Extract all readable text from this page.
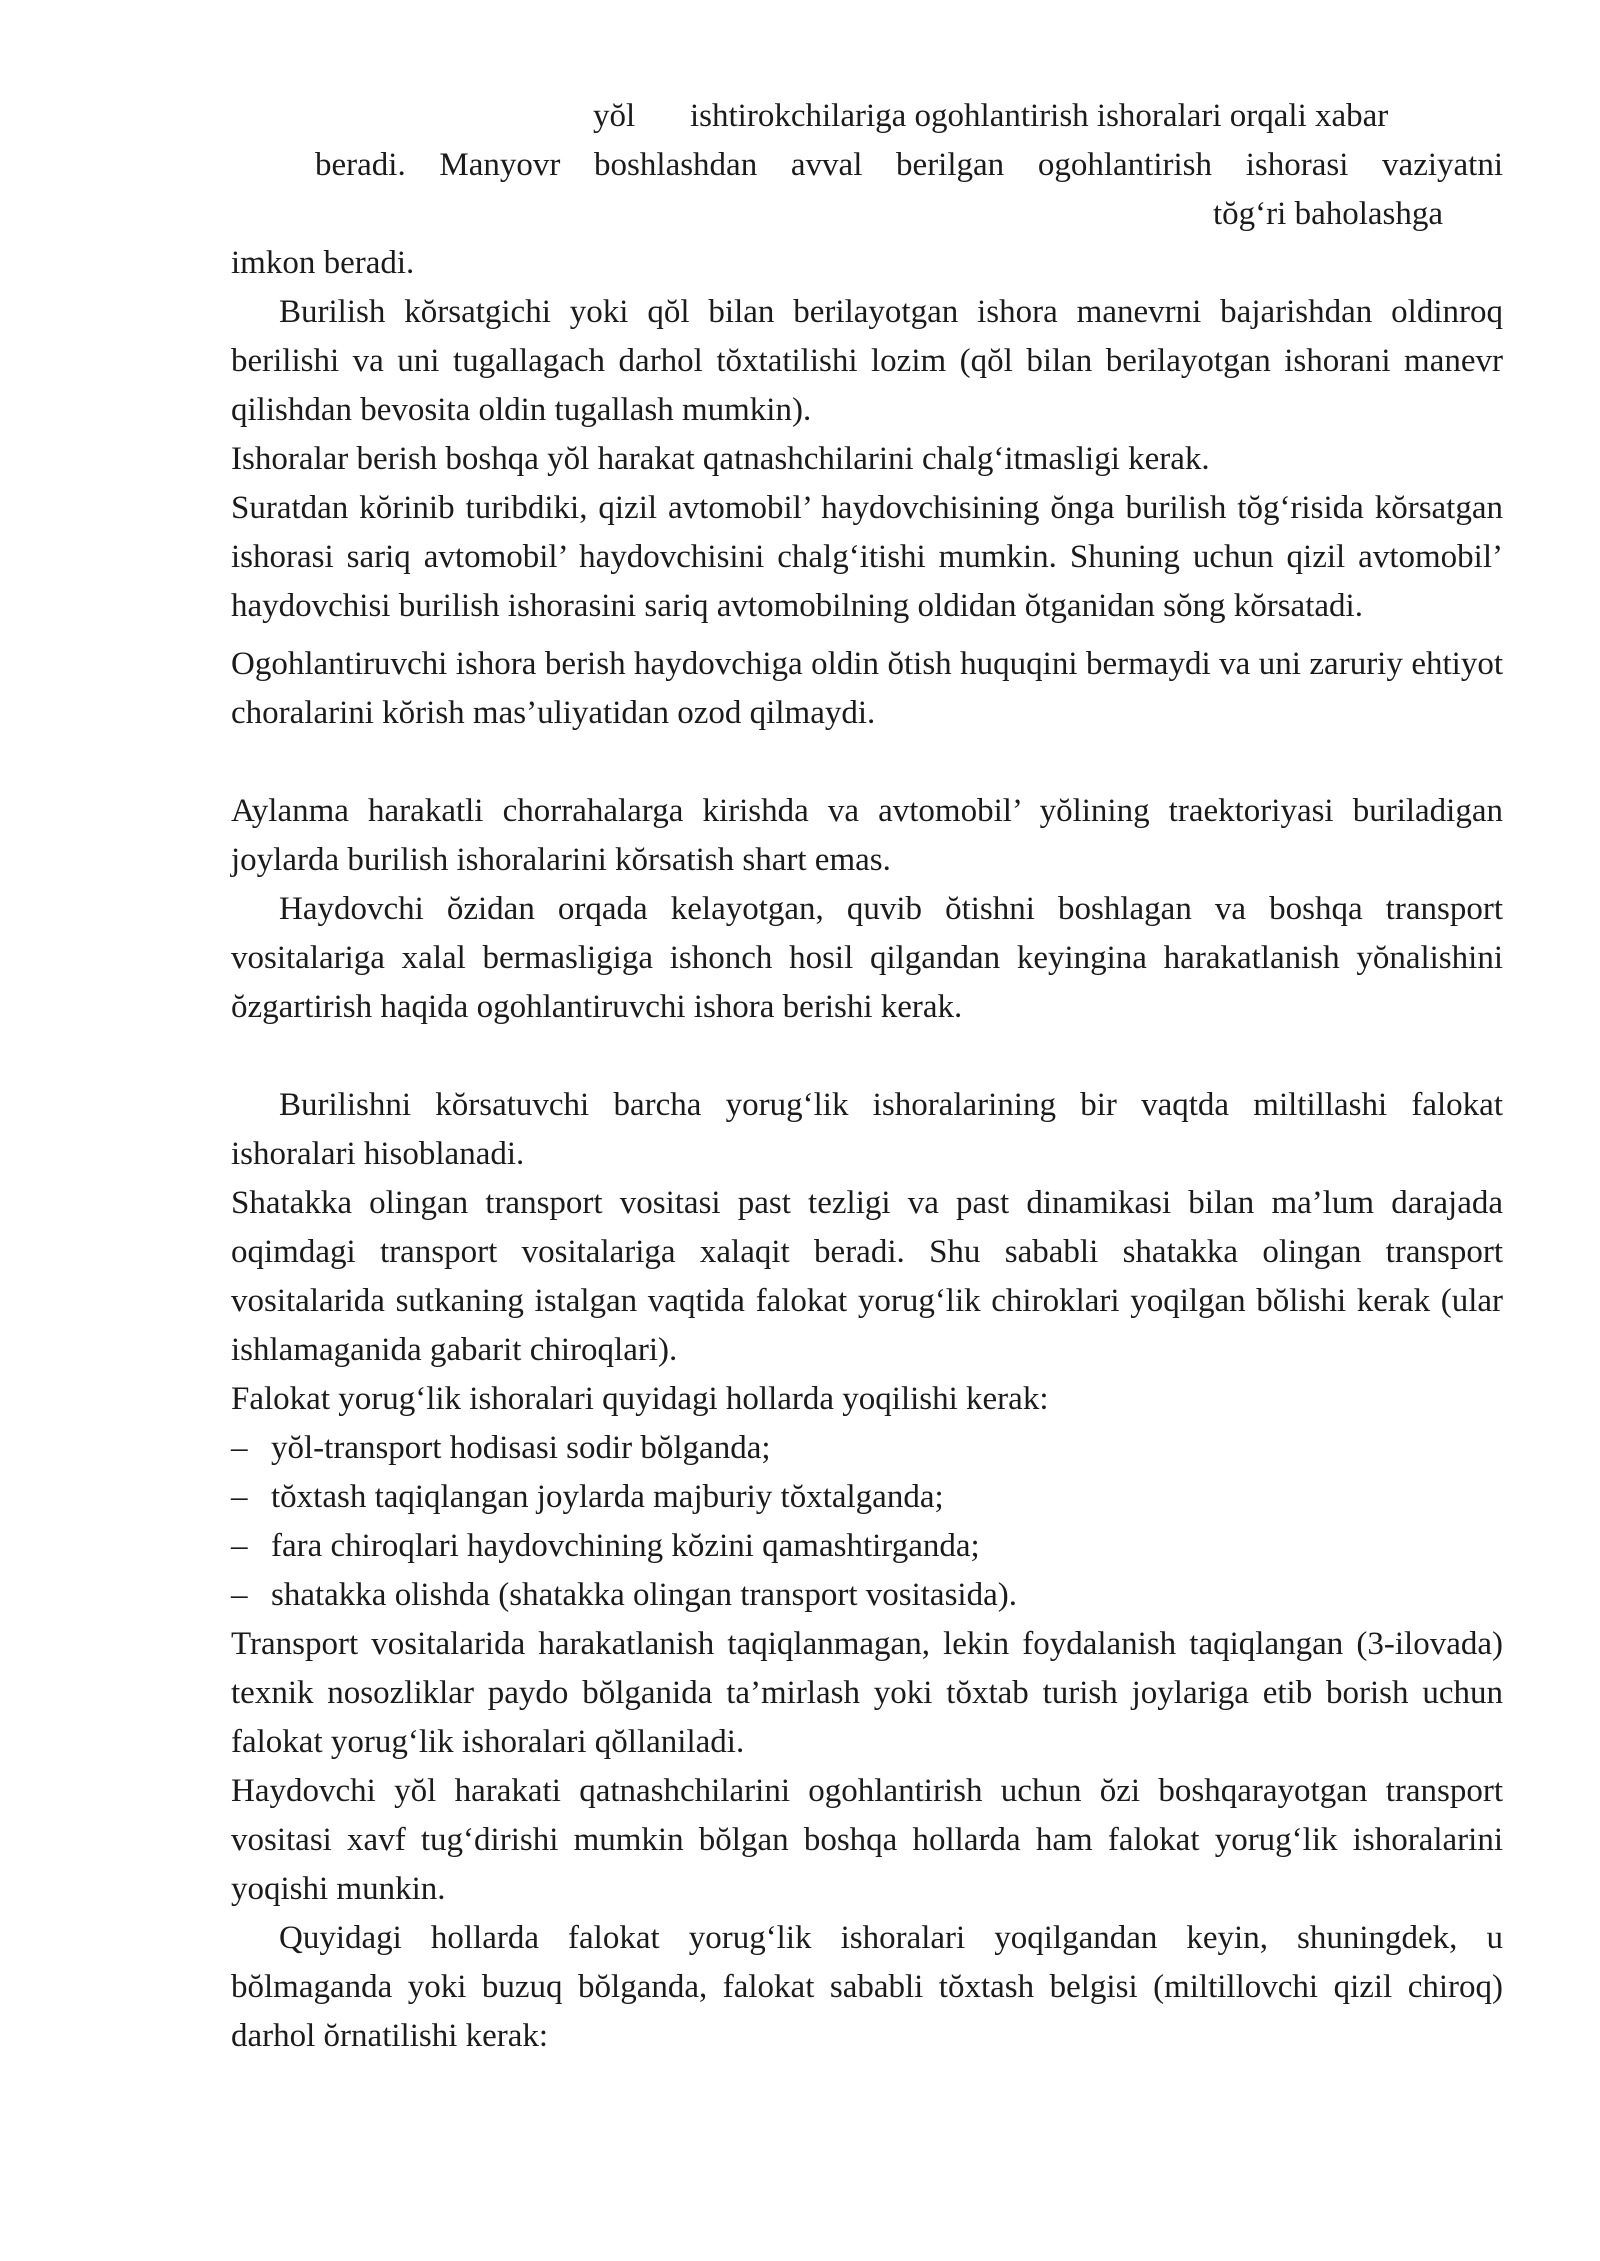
yŏl ishtirokchilariga ogohlantirish ishoralari orqali xabar

beradi. Manyovr boshlashdan avval berilgan ogohlantirish ishorasi vaziyatni

tŏg‘ri baholashga

imkon beradi.

Burilish kŏrsatgichi yoki qŏl bilan berilayotgan ishora manevrni bajarishdan oldinroq berilishi va uni tugallagach darhol tŏxtatilishi lozim (qŏl bilan berilayotgan ishorani manevr qilishdan bevosita oldin tugallash mumkin).

Ishoralar berish boshqa yŏl harakat qatnashchilarini chalg‘itmasligi kerak.

Suratdan kŏrinib turibdiki, qizil avtomobil’ haydovchisining ŏnga burilish tŏg‘risida kŏrsatgan ishorasi sariq avtomobil’ haydovchisini chalg‘itishi mumkin. Shuning uchun qizil avtomobil’ haydovchisi burilish ishorasini sariq avtomobilning oldidan ŏtganidan sŏng kŏrsatadi.

Ogohlantiruvchi ishora berish haydovchiga oldin ŏtish huquqini bermaydi va uni zaruriy ehtiyot choralarini kŏrish mas’uliyatidan ozod qilmaydi.

Aylanma harakatli chorrahalarga kirishda va avtomobil’ yŏlining traektoriyasi buriladigan joylarda burilish ishoralarini kŏrsatish shart emas.

Haydovchi ŏzidan orqada kelayotgan, quvib ŏtishni boshlagan va boshqa transport vositalariga xalal bermasligiga ishonch hosil qilgandan keyingina harakatlanish yŏnalishini ŏzgartirish haqida ogohlantiruvchi ishora berishi kerak.

Burilishni kŏrsatuvchi barcha yorug‘lik ishoralarining bir vaqtda miltillashi falokat ishoralari hisoblanadi.

Shatakka olingan transport vositasi past tezligi va past dinamikasi bilan ma’lum darajada oqimdagi transport vositalariga xalaqit beradi. Shu sababli shatakka olingan transport vositalarida sutkaning istalgan vaqtida falokat yorug‘lik chiroklari yoqilgan bŏlishi kerak (ular ishlamaganida gabarit chiroqlari).

Falokat yorug‘lik ishoralari quyidagi hollarda yoqilishi kerak:

– yŏl-transport hodisasi sodir bŏlganda;
– tŏxtash taqiqlangan joylarda majburiy tŏxtalganda;
– fara chiroqlari haydovchining kŏzini qamashtirganda;
– shatakka olishda (shatakka olingan transport vositasida).

Transport vositalarida harakatlanish taqiqlanmagan, lekin foydalanish taqiqlangan (3-ilovada) texnik nosozliklar paydo bŏlganida ta’mirlash yoki tŏxtab turish joylariga etib borish uchun falokat yorug‘lik ishoralari qŏllaniladi.

Haydovchi yŏl harakati qatnashchilarini ogohlantirish uchun ŏzi boshqarayotgan transport vositasi xavf tug‘dirishi mumkin bŏlgan boshqa hollarda ham falokat yorug‘lik ishoralarini yoqishi munkin.

Quyidagi hollarda falokat yorug‘lik ishoralari yoqilgandan keyin, shuningdek, u bŏlmaganda yoki buzuq bŏlganda, falokat sababli tŏxtash belgisi (miltillovchi qizil chiroq) darhol ŏrnatilishi kerak:
